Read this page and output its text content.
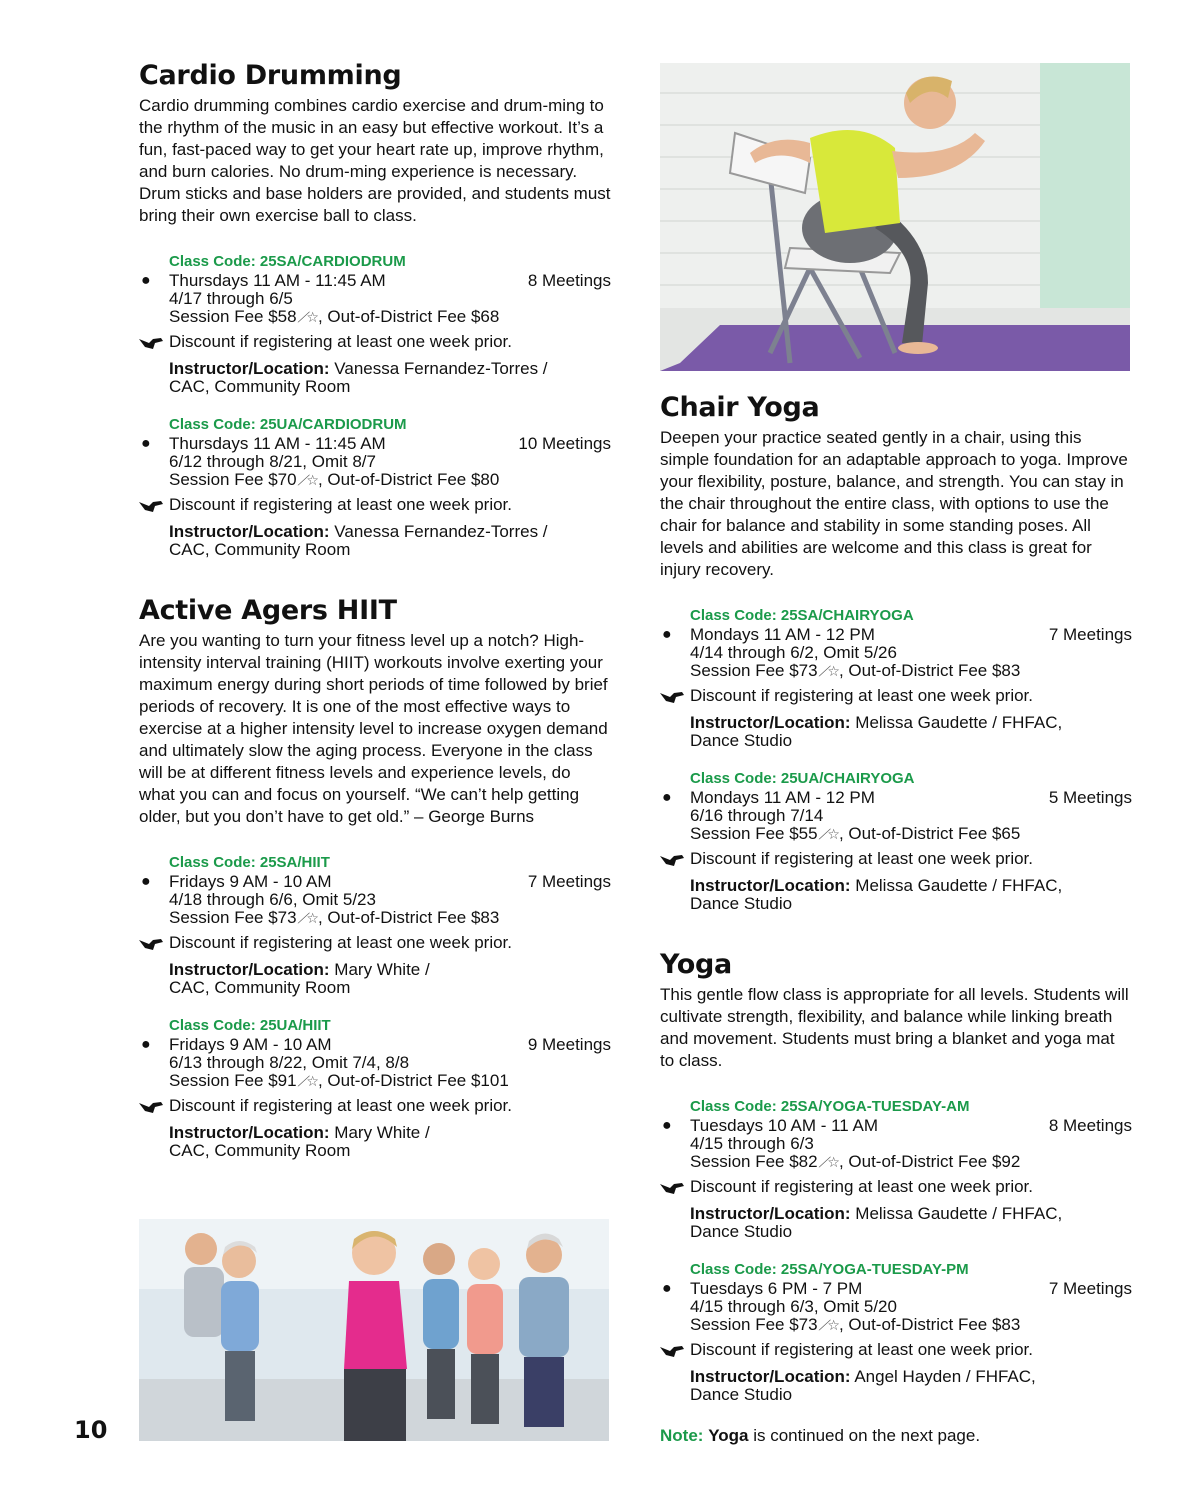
Cardio Drumming

Cardio drumming combines cardio exercise and drum-ming to the rhythm of the music in an easy but effective workout. It’s a fun, fast-paced way to get your heart rate up, improve rhythm, and burn calories. No drum-ming experience is necessary. Drum sticks and base holders are provided, and students must bring their own exercise ball to class.

Class Code: 25SA/CARDIODRUM
● Thursdays 11 AM - 11:45 AM	8 Meetings
4/17 through 6/5
Session Fee $58⟋☆, Out-of-District Fee $68
Discount if registering at least one week prior.
Instructor/Location: Vanessa Fernandez-Torres /
CAC, Community Room
Class Code: 25UA/CARDIODRUM
● Thursdays 11 AM - 11:45 AM	10 Meetings
6/12 through 8/21, Omit 8/7
Session Fee $70⟋☆, Out-of-District Fee $80
Discount if registering at least one week prior.
Instructor/Location: Vanessa Fernandez-Torres /
CAC, Community Room
Active Agers HIIT

Are you wanting to turn your fitness level up a notch? High-intensity interval training (HIIT) workouts involve exerting your maximum energy during short periods of time followed by brief periods of recovery. It is one of the most effective ways to exercise at a higher intensity level to increase oxygen demand and ultimately slow the aging process. Everyone in the class will be at different fitness levels and experience levels, do what you can and focus on yourself. “We can’t help getting older, but you don’t have to get old.” – George Burns

Class Code: 25SA/HIIT
● Fridays 9 AM - 10 AM	7 Meetings
4/18 through 6/6, Omit 5/23
Session Fee $73⟋☆, Out-of-District Fee $83
Discount if registering at least one week prior.
Instructor/Location: Mary White /
CAC, Community Room
Class Code: 25UA/HIIT
● Fridays 9 AM - 10 AM	9 Meetings
6/13 through 8/22, Omit 7/4, 8/8
Session Fee $91⟋☆, Out-of-District Fee $101
Discount if registering at least one week prior.
Instructor/Location: Mary White /
CAC, Community Room
Chair Yoga

Deepen your practice seated gently in a chair, using this simple foundation for an adaptable approach to yoga. Improve your flexibility, posture, balance, and strength. You can stay in the chair throughout the entire class, with options to use the chair for balance and stability in some standing poses. All levels and abilities are welcome and this class is great for injury recovery.

Class Code: 25SA/CHAIRYOGA
● Mondays 11 AM - 12 PM	7 Meetings
4/14 through 6/2, Omit 5/26
Session Fee $73⟋☆, Out-of-District Fee $83
Discount if registering at least one week prior.
Instructor/Location: Melissa Gaudette / FHFAC,
Dance Studio
Class Code: 25UA/CHAIRYOGA
● Mondays 11 AM - 12 PM	5 Meetings
6/16 through 7/14
Session Fee $55⟋☆, Out-of-District Fee $65
Discount if registering at least one week prior.
Instructor/Location: Melissa Gaudette / FHFAC,
Dance Studio
Yoga

This gentle flow class is appropriate for all levels. Students will cultivate strength, flexibility, and balance while linking breath and movement. Students must bring a blanket and yoga mat to class.

Class Code: 25SA/YOGA-TUESDAY-AM
● Tuesdays 10 AM - 11 AM	8 Meetings
4/15 through 6/3
Session Fee $82⟋☆, Out-of-District Fee $92
Discount if registering at least one week prior.
Instructor/Location: Melissa Gaudette / FHFAC,
Dance Studio
Class Code: 25SA/YOGA-TUESDAY-PM
● Tuesdays 6 PM - 7 PM	7 Meetings
4/15 through 6/3, Omit 5/20
Session Fee $73⟋☆, Out-of-District Fee $83
Discount if registering at least one week prior.
Instructor/Location: Angel Hayden / FHFAC,
Dance Studio
Note: Yoga is continued on the next page.
10
